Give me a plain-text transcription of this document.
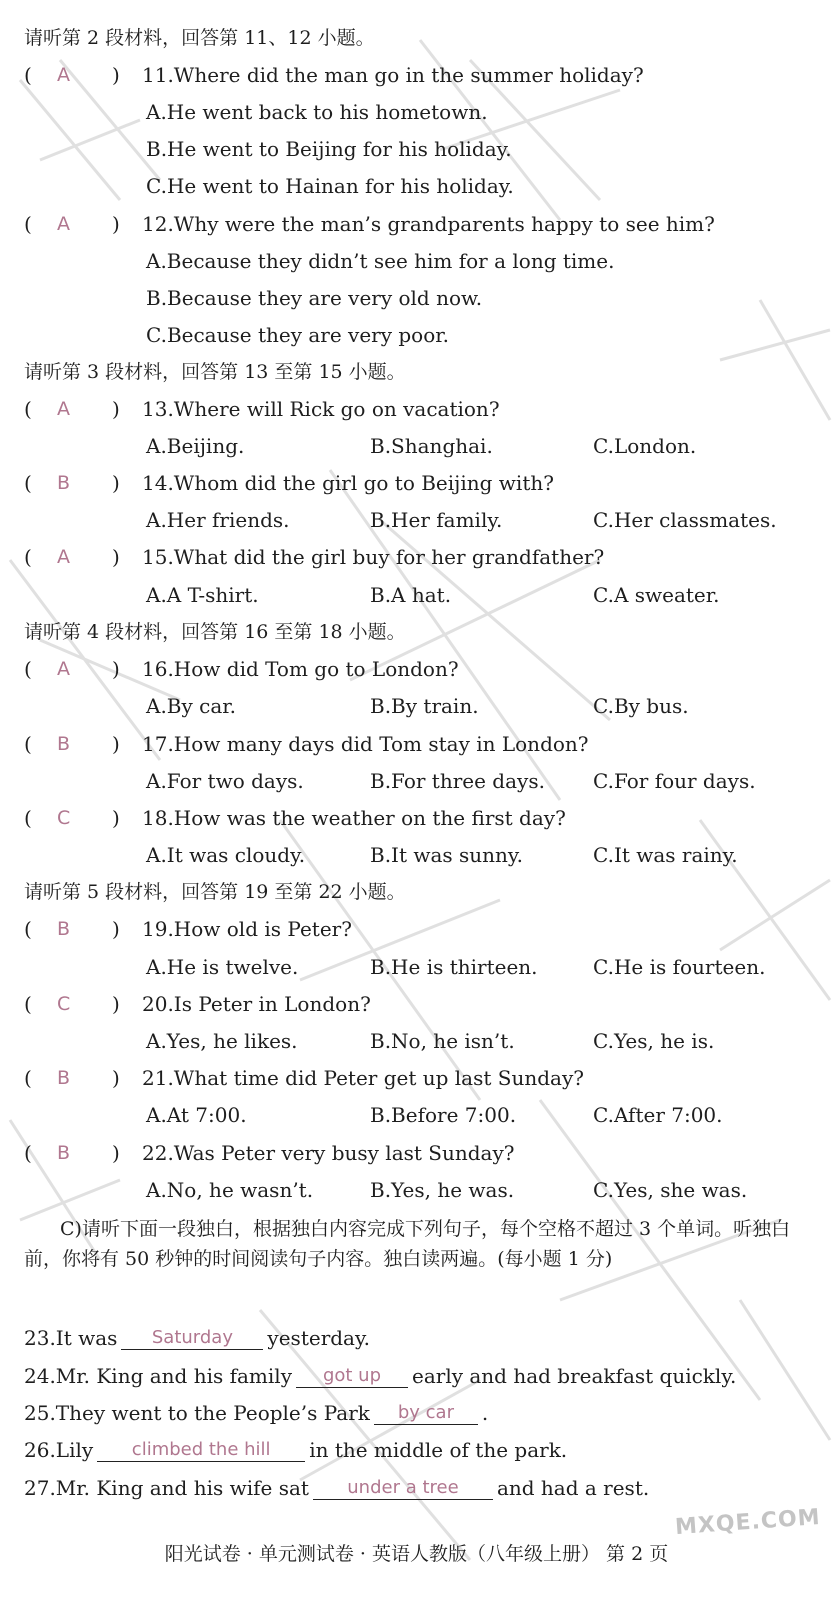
请听第 2 段材料，回答第 11、12 小题。
( A ) 11.Where did the man go in the summer holiday?
A.He went back to his hometown.
B.He went to Beijing for his holiday.
C.He went to Hainan for his holiday.
( A ) 12.Why were the man’s grandparents happy to see him?
A.Because they didn’t see him for a long time.
B.Because they are very old now.
C.Because they are very poor.
请听第 3 段材料，回答第 13 至第 15 小题。
( A ) 13.Where will Rick go on vacation?
A.Beijing.	B.Shanghai.	C.London.
( B ) 14.Whom did the girl go to Beijing with?
A.Her friends.	B.Her family.	C.Her classmates.
( A ) 15.What did the girl buy for her grandfather?
A.A T-shirt.	B.A hat.	C.A sweater.
请听第 4 段材料，回答第 16 至第 18 小题。
( A ) 16.How did Tom go to London?
A.By car.	B.By train.	C.By bus.
( B ) 17.How many days did Tom stay in London?
A.For two days.	B.For three days. C.For four days.
( C ) 18.How was the weather on the first day?
A.It was cloudy.	B.It was sunny.	C.It was rainy.
请听第 5 段材料，回答第 19 至第 22 小题。
( B ) 19.How old is Peter?
A.He is twelve.	B.He is thirteen.	C.He is fourteen.
( C ) 20.Is Peter in London?
A.Yes, he likes.	B.No, he isn’t.	C.Yes, he is.
( B ) 21.What time did Peter get up last Sunday?
A.At 7:00.	B.Before 7:00.	C.After 7:00.
( B ) 22.Was Peter very busy last Sunday?
A.No, he wasn’t.	B.Yes, he was.	C.Yes, she was.
C)请听下面一段独白，根据独白内容完成下列句子，每个空格不超过 3 个单词。听独白前，你将有 50 秒钟的时间阅读句子内容。独白读两遍。(每小题 1 分)
23.It was Saturday yesterday.
24.Mr. King and his family got up early and had breakfast quickly.
25.They went to the People’s Park by car .
26.Lily climbed the hill in the middle of the park.
27.Mr. King and his wife sat under a tree and had a rest.
阳光试卷 · 单元测试卷 · 英语人教版（八年级上册） 第 2 页
MXQE.COM
